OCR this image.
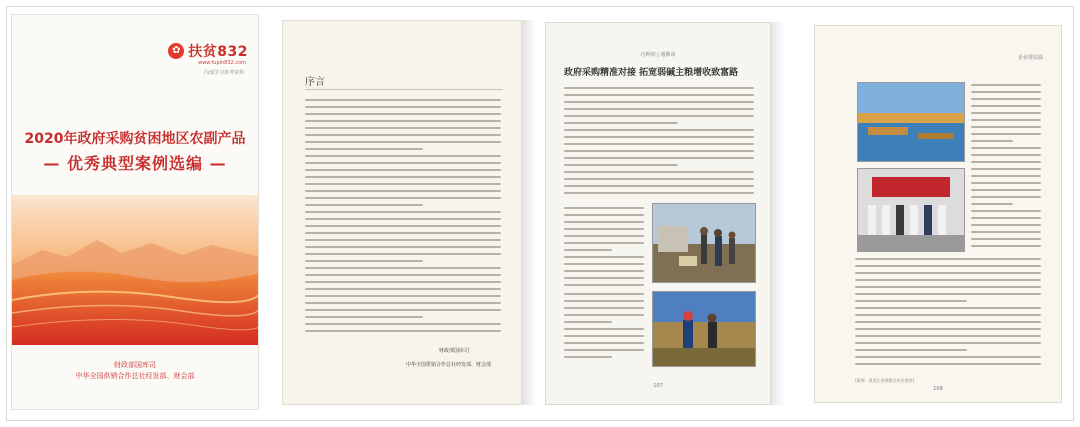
✿ 扶贫832
www.fupin832.com
内部学习参考资料
2020年政府采购贫困地区农副产品
— 优秀典型案例选编 —
财政部国库司
中华全国供销合作总社经发部、财会部
序言
财政部国库司
中华全国供销合作总社经发部、财会部
巧种谚 | 通顺谈
政府采购精准对接 拓宽弱碱主粮增收致富路
107
企业帮扶篇
(案例：黑龙江省供销合作社推荐)
108
